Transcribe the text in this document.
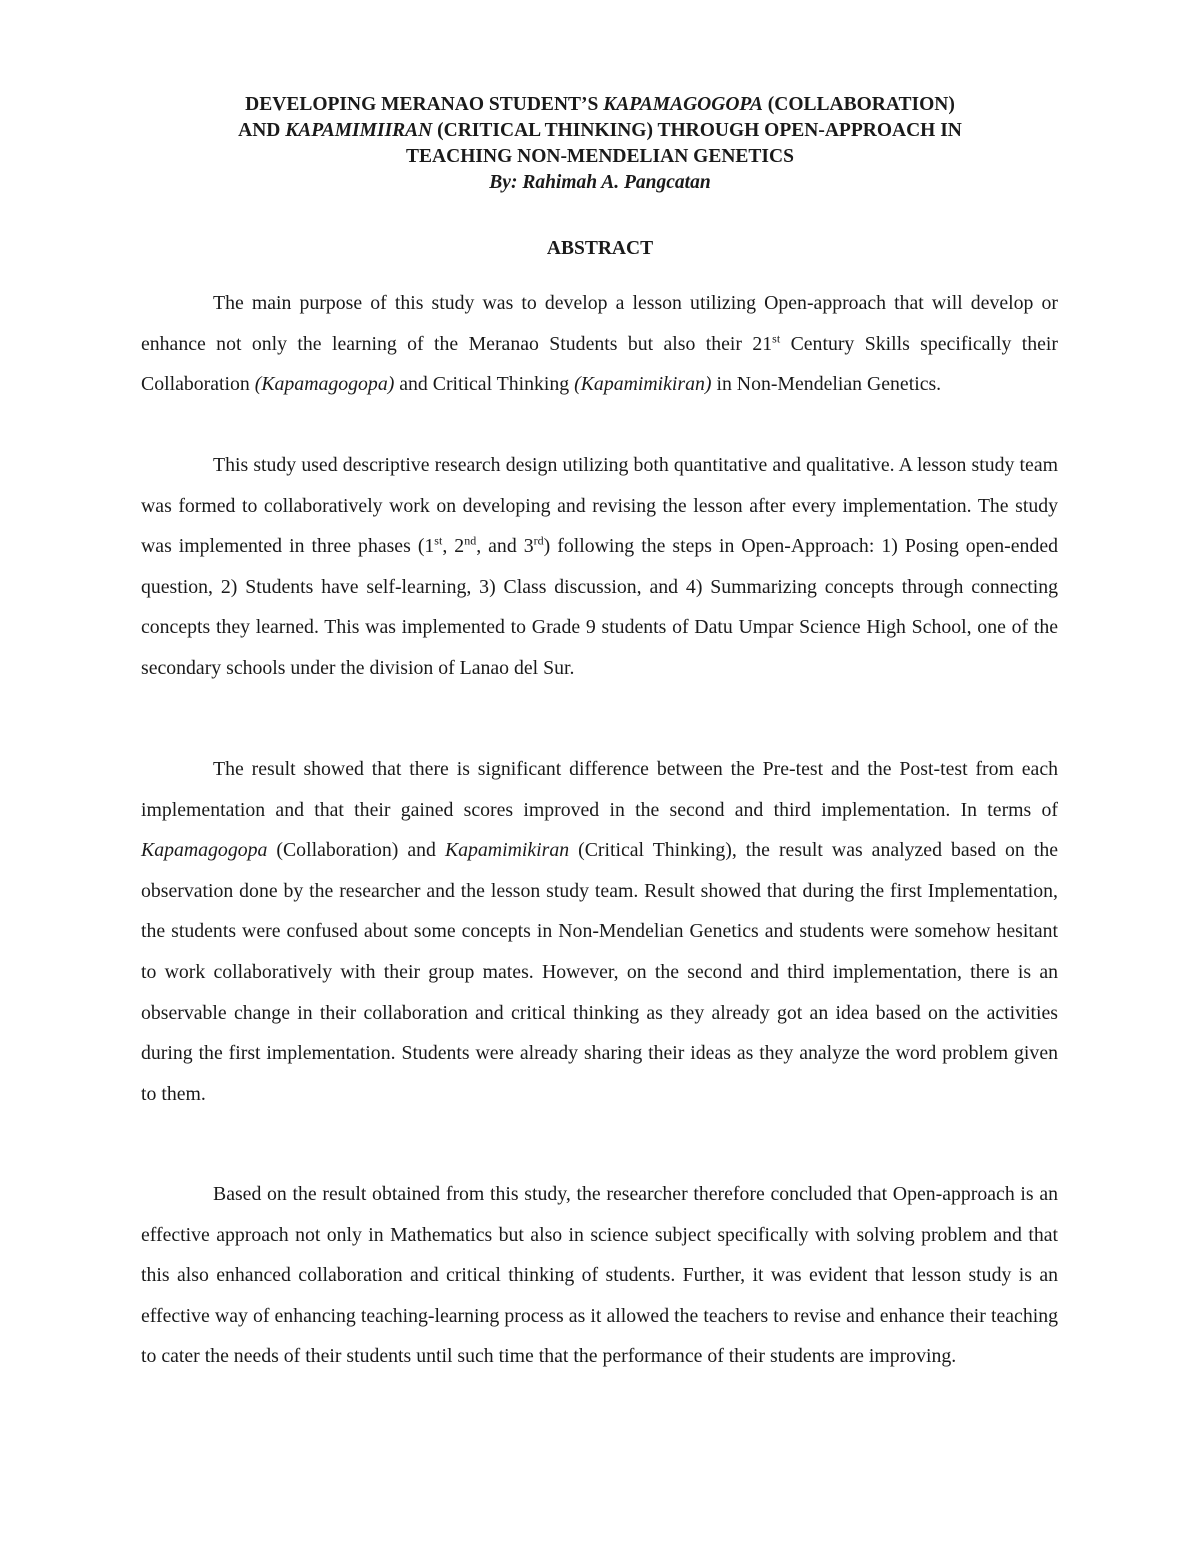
DEVELOPING MERANAO STUDENT’S KAPAMAGOGOPA (COLLABORATION)
AND KAPAMIMIIRAN (CRITICAL THINKING) THROUGH OPEN-APPROACH IN
TEACHING NON-MENDELIAN GENETICS
By: Rahimah A. Pangcatan
ABSTRACT

The main purpose of this study was to develop a lesson utilizing Open-approach that will develop or enhance not only the learning of the Meranao Students but also their 21st Century Skills specifically their Collaboration (Kapamagogopa) and Critical Thinking (Kapamimikiran) in Non-Mendelian Genetics.

This study used descriptive research design utilizing both quantitative and qualitative. A lesson study team was formed to collaboratively work on developing and revising the lesson after every implementation. The study was implemented in three phases (1st, 2nd, and 3rd) following the steps in Open-Approach: 1) Posing open-ended question, 2) Students have self-learning, 3) Class discussion, and 4) Summarizing concepts through connecting concepts they learned. This was implemented to Grade 9 students of Datu Umpar Science High School, one of the secondary schools under the division of Lanao del Sur.

The result showed that there is significant difference between the Pre-test and the Post-test from each implementation and that their gained scores improved in the second and third implementation. In terms of Kapamagogopa (Collaboration) and Kapamimikiran (Critical Thinking), the result was analyzed based on the observation done by the researcher and the lesson study team. Result showed that during the first Implementation, the students were confused about some concepts in Non-Mendelian Genetics and students were somehow hesitant to work collaboratively with their group mates. However, on the second and third implementation, there is an observable change in their collaboration and critical thinking as they already got an idea based on the activities during the first implementation. Students were already sharing their ideas as they analyze the word problem given to them.

Based on the result obtained from this study, the researcher therefore concluded that Open-approach is an effective approach not only in Mathematics but also in science subject specifically with solving problem and that this also enhanced collaboration and critical thinking of students. Further, it was evident that lesson study is an effective way of enhancing teaching-learning process as it allowed the teachers to revise and enhance their teaching to cater the needs of their students until such time that the performance of their students are improving.
